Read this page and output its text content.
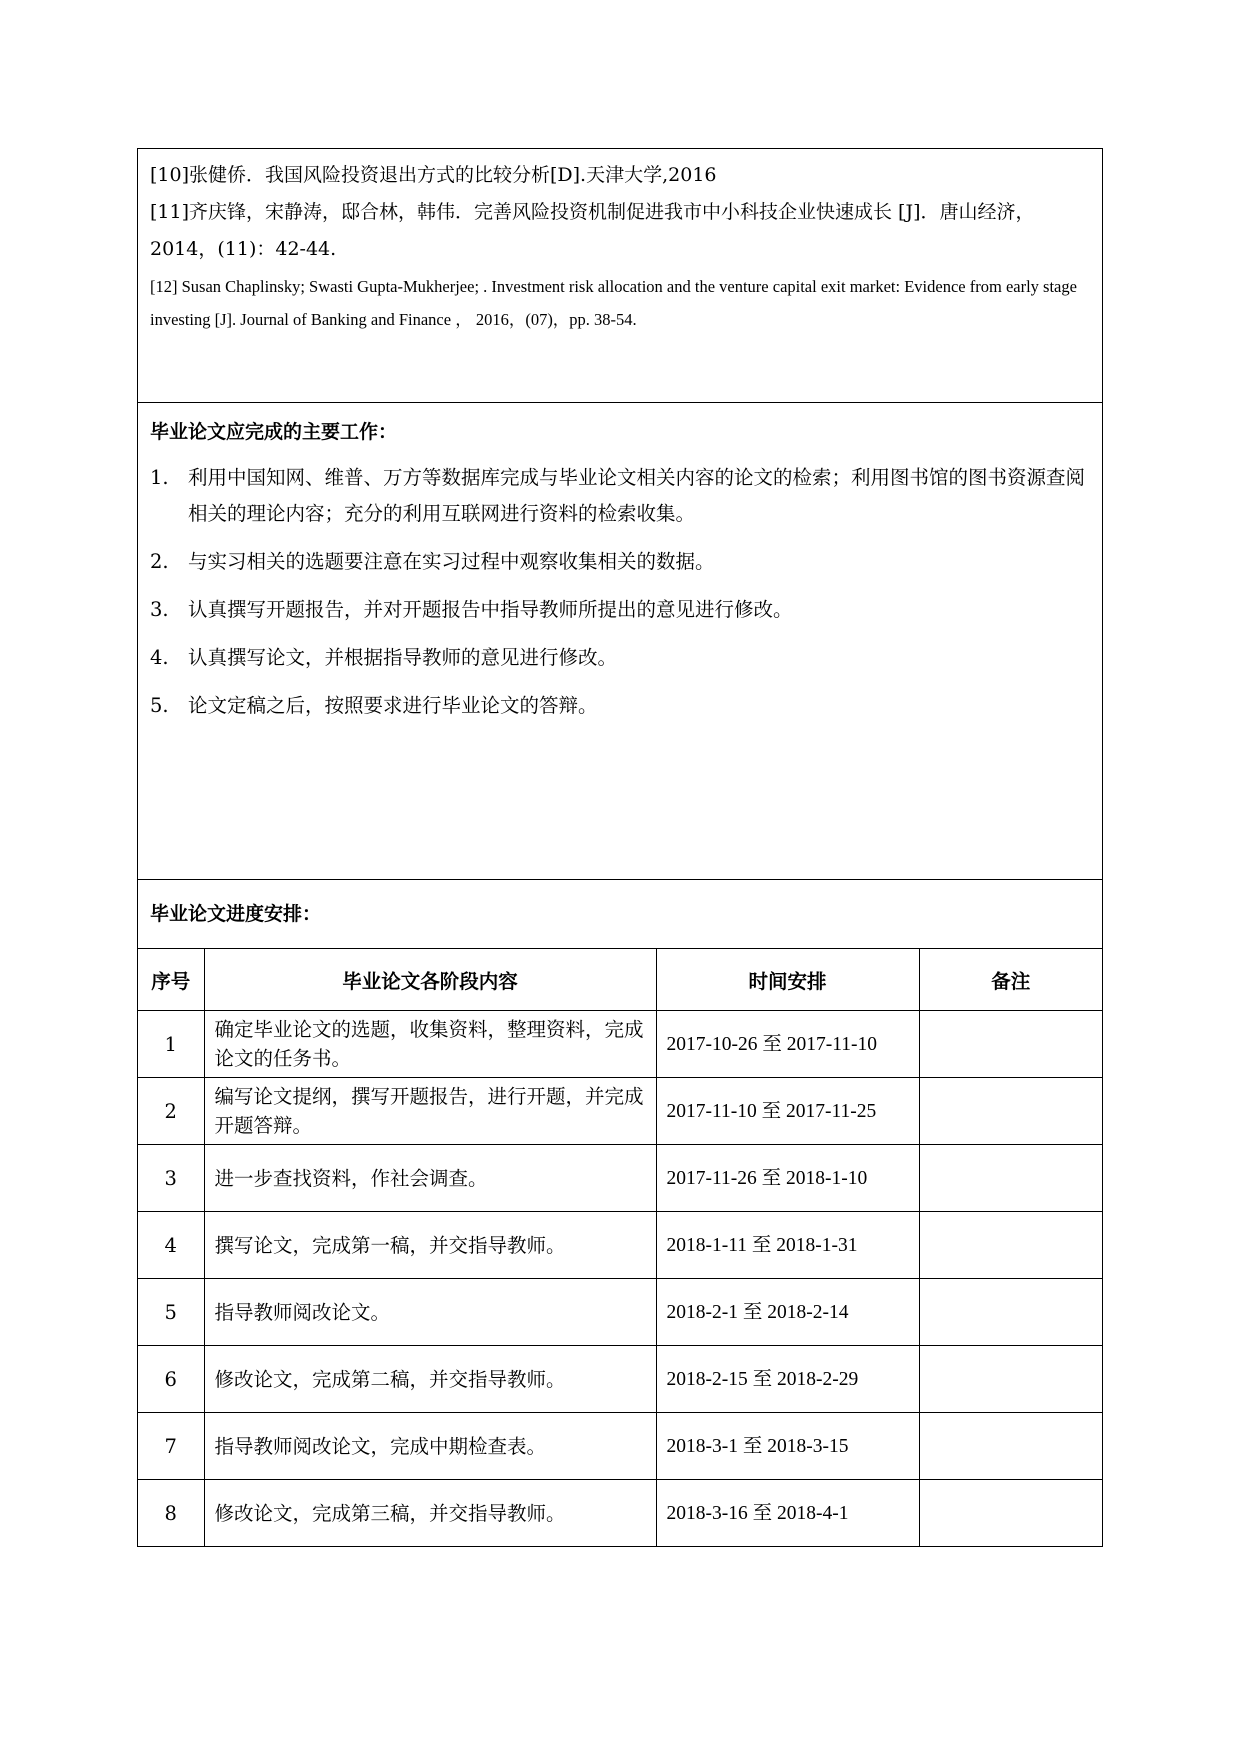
[10]张健侨．我国风险投资退出方式的比较分析[D].天津大学,2016

[11]齐庆锋，宋静涛，邸合林，韩伟．完善风险投资机制促进我市中小科技企业快速成长 [J]．唐山经济，2014，(11)：42-44.

[12] Susan Chaplinsky; Swasti Gupta-Mukherjee; . Investment risk allocation and the venture capital exit market: Evidence from early stage investing [J]. Journal of Banking and Finance ， 2016，(07)，pp. 38-54.

毕业论文应完成的主要工作：

1. 利用中国知网、维普、万方等数据库完成与毕业论文相关内容的论文的检索；利用图书馆的图书资源查阅相关的理论内容；充分的利用互联网进行资料的检索收集。
2. 与实习相关的选题要注意在实习过程中观察收集相关的数据。
3. 认真撰写开题报告，并对开题报告中指导教师所提出的意见进行修改。
4. 认真撰写论文，并根据指导教师的意见进行修改。
5. 论文定稿之后，按照要求进行毕业论文的答辩。

毕业论文进度安排：

序号	毕业论文各阶段内容	时间安排	备注
1	确定毕业论文的选题，收集资料，整理资料，完成论文的任务书。	2017-10-26 至 2017-11-10	
2	编写论文提纲，撰写开题报告，进行开题，并完成开题答辩。	2017-11-10 至 2017-11-25	
3	进一步查找资料，作社会调查。	2017-11-26 至 2018-1-10	
4	撰写论文，完成第一稿，并交指导教师。	2018-1-11 至 2018-1-31	
5	指导教师阅改论文。	2018-2-1 至 2018-2-14	
6	修改论文，完成第二稿，并交指导教师。	2018-2-15 至 2018-2-29	
7	指导教师阅改论文，完成中期检查表。	2018-3-1 至 2018-3-15	
8	修改论文，完成第三稿，并交指导教师。	2018-3-16 至 2018-4-1	
